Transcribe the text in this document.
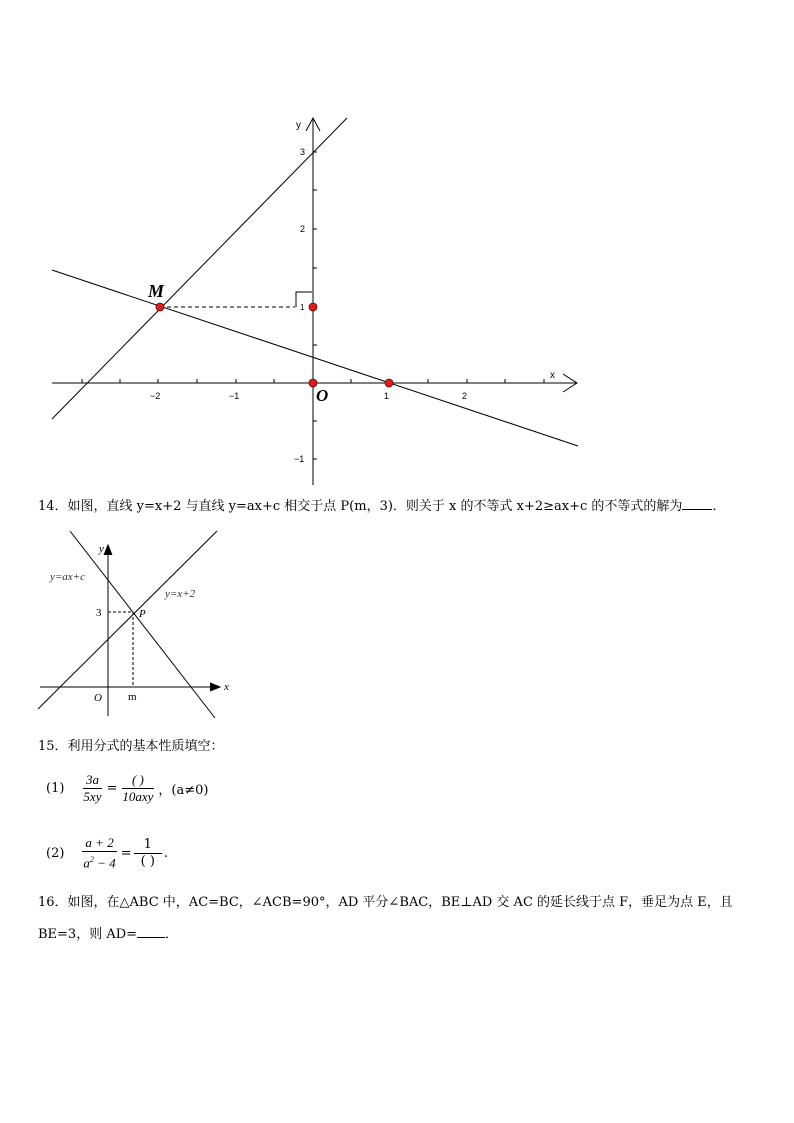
x
y
−2	−1	1	2
3
2
1
−1
M
O
14．如图，直线 y=x+2 与直线 y=ax+c 相交于点 P(m，3)．则关于 x 的不等式 x+2≥ax+c 的不等式的解为 ．
y=ax+c
y=x+2
y
x
3	P
O m
15．利用分式的基本性质填空：
$(1) \frac{3a}{5xy} = \frac{( )}{\text{10axy}}$ ，(a≠0)
$(2) \frac{a + 2}{a^2 - 4} = \frac{1}{( )}$ .
16．如图，在△ABC 中，AC=BC，∠ACB=90°，AD 平分∠BAC，BE⊥AD 交 AC 的延长线于点 F，垂足为点 E，且
BE=3，则 AD= ．
